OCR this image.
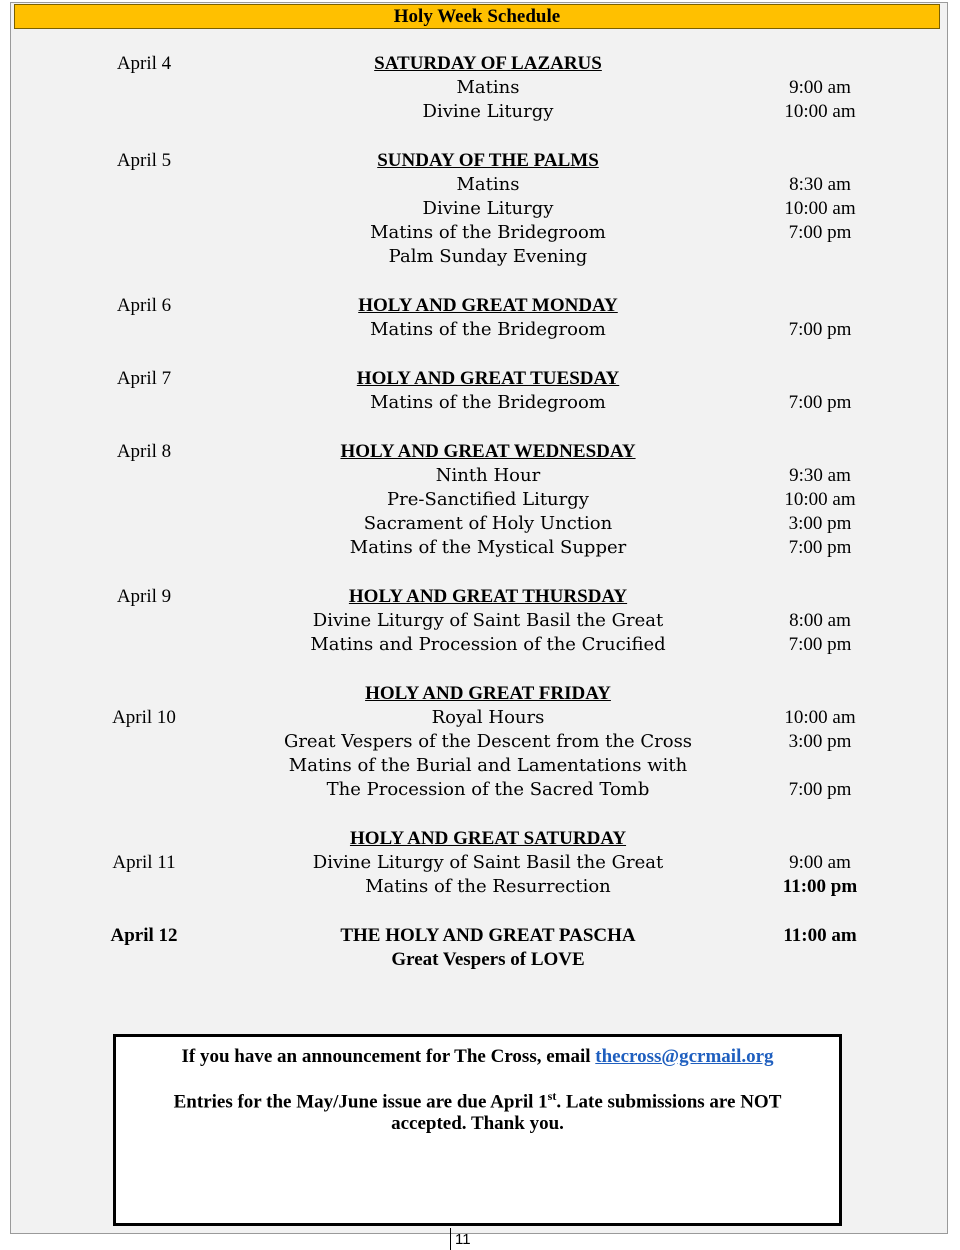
Holy Week Schedule
April 4	SATURDAY OF LAZARUS
Matins	9:00 am
Divine Liturgy	10:00 am
April 5	SUNDAY OF THE PALMS
Matins	8:30 am
Divine Liturgy	10:00 am
Matins of the Bridegroom	7:00 pm
Palm Sunday Evening
April 6	HOLY AND GREAT MONDAY
Matins of the Bridegroom	7:00 pm
April 7	HOLY AND GREAT TUESDAY
Matins of the Bridegroom	7:00 pm
April 8	HOLY AND GREAT WEDNESDAY
Ninth Hour	9:30 am
Pre-Sanctified Liturgy	10:00 am
Sacrament of Holy Unction	3:00 pm
Matins of the Mystical Supper	7:00 pm
April 9	HOLY AND GREAT THURSDAY
Divine Liturgy of Saint Basil the Great	8:00 am
Matins and Procession of the Crucified	7:00 pm
HOLY AND GREAT FRIDAY
April 10	Royal Hours	10:00 am
Great Vespers of the Descent from the Cross	3:00 pm
Matins of the Burial and Lamentations with
The Procession of the Sacred Tomb	7:00 pm
HOLY AND GREAT SATURDAY
April 11	Divine Liturgy of Saint Basil the Great	9:00 am
Matins of the Resurrection	11:00 pm
April 12	THE HOLY AND GREAT PASCHA	11:00 am
Great Vespers of LOVE
If you have an announcement for The Cross, email thecross@gcrmail.org
Entries for the May/June issue are due April 1st. Late submissions are NOT
accepted. Thank you.
11
